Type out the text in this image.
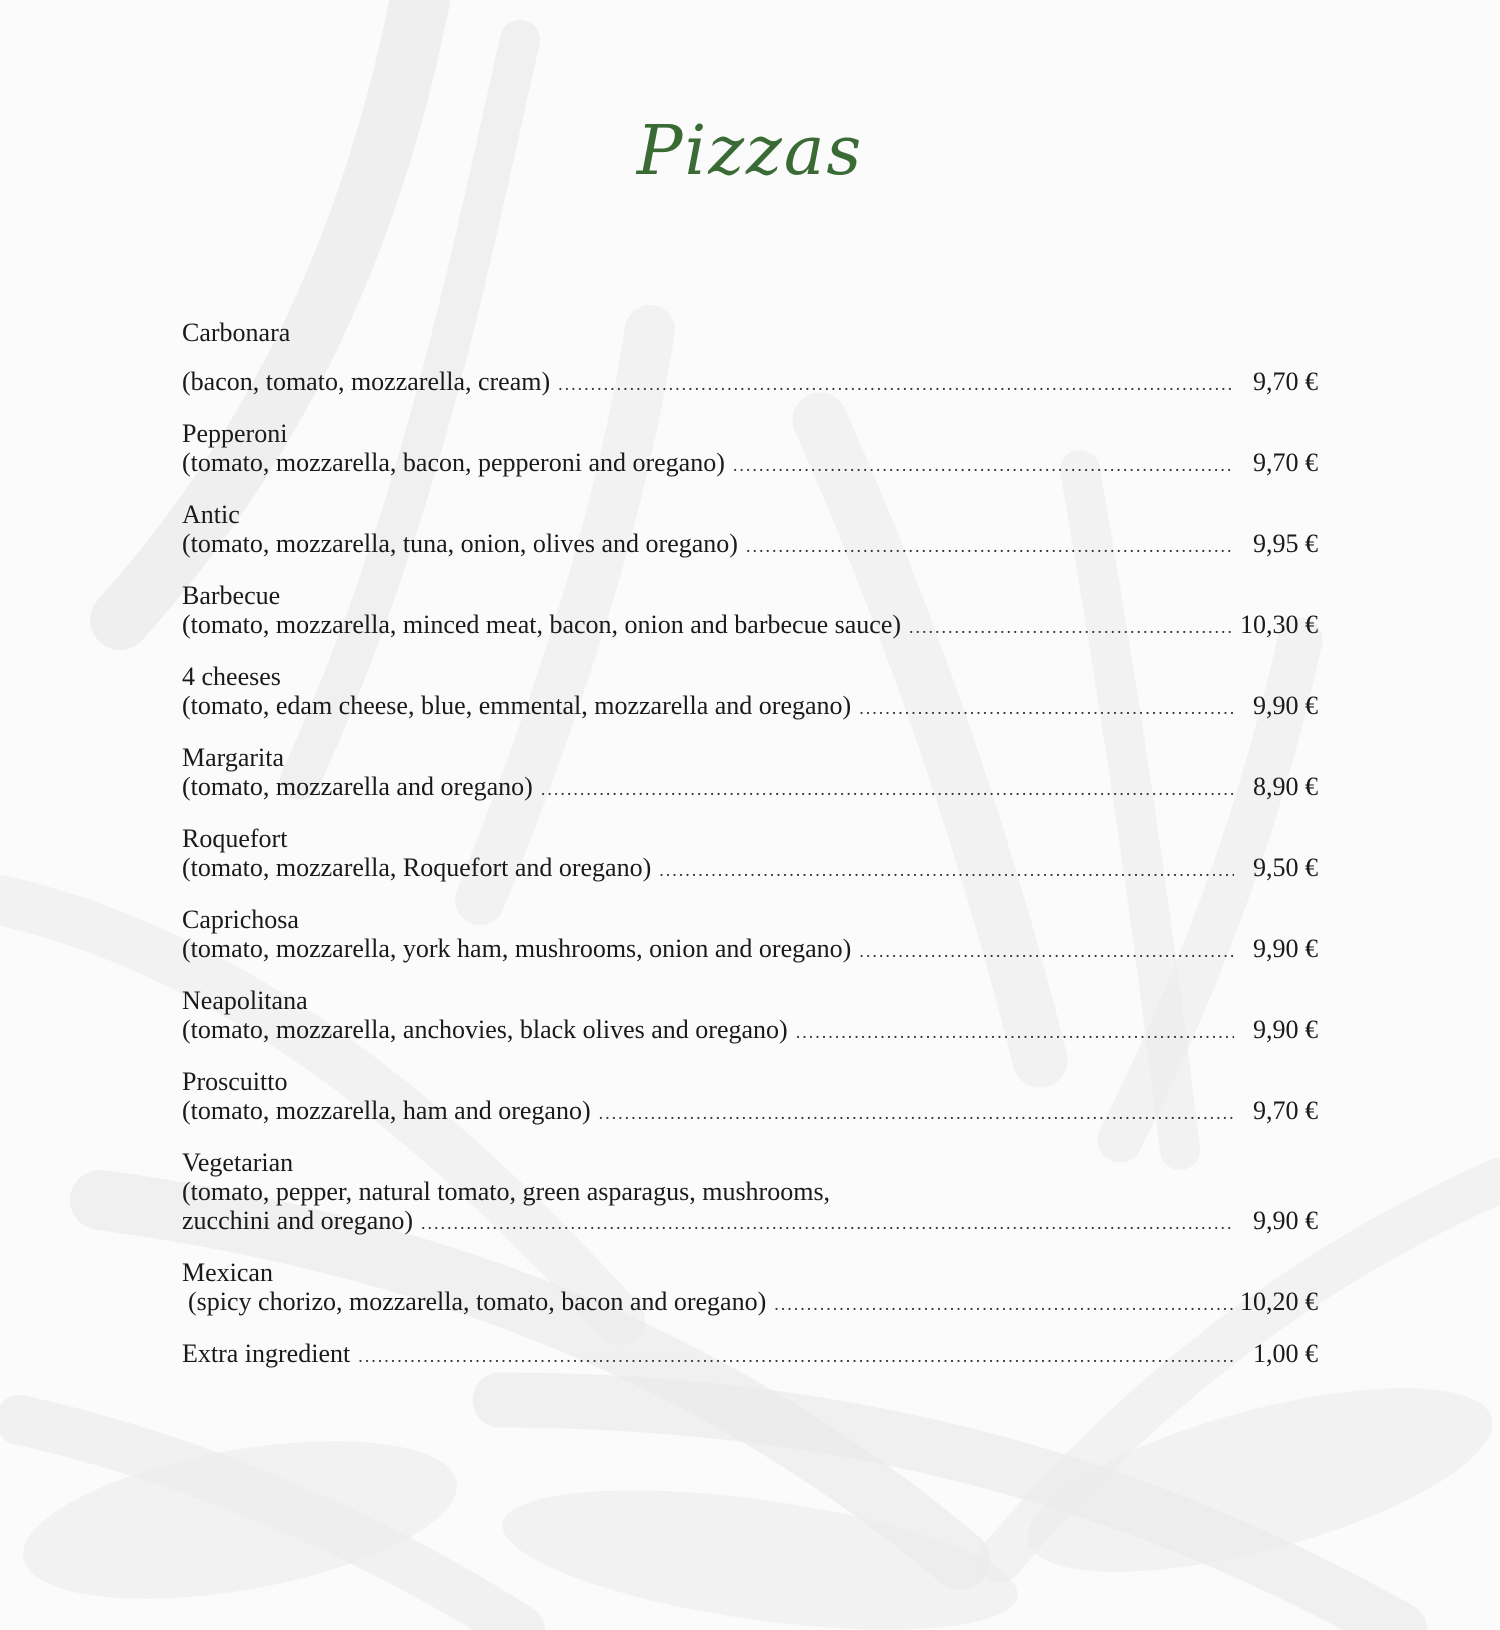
Pizzas
Carbonara
(bacon, tomato, mozzarella, cream) .....	9,70 €
Pepperoni
(tomato, mozzarella, bacon, pepperoni and oregano) .....	9,70 €
Antic
(tomato, mozzarella, tuna, onion, olives and oregano) .....	9,95 €
Barbecue
(tomato, mozzarella, minced meat, bacon, onion and barbecue sauce) .....	10,30 €
4 cheeses
(tomato, edam cheese, blue, emmental, mozzarella and oregano) .....	9,90 €
Margarita
(tomato, mozzarella and oregano) .....	8,90 €
Roquefort
(tomato, mozzarella, Roquefort and oregano) .....	9,50 €
Caprichosa
(tomato, mozzarella, york ham, mushrooms, onion and oregano) .....	9,90 €
Neapolitana
(tomato, mozzarella, anchovies, black olives and oregano) .....	9,90 €
Proscuitto
(tomato, mozzarella, ham and oregano) .....	9,70 €
Vegetarian
(tomato, pepper, natural tomato, green asparagus, mushrooms,
zucchini and oregano) .....	9,90 €
Mexican
(spicy chorizo, mozzarella, tomato, bacon and oregano) .....	10,20 €
Extra ingredient .....	1,00 €
